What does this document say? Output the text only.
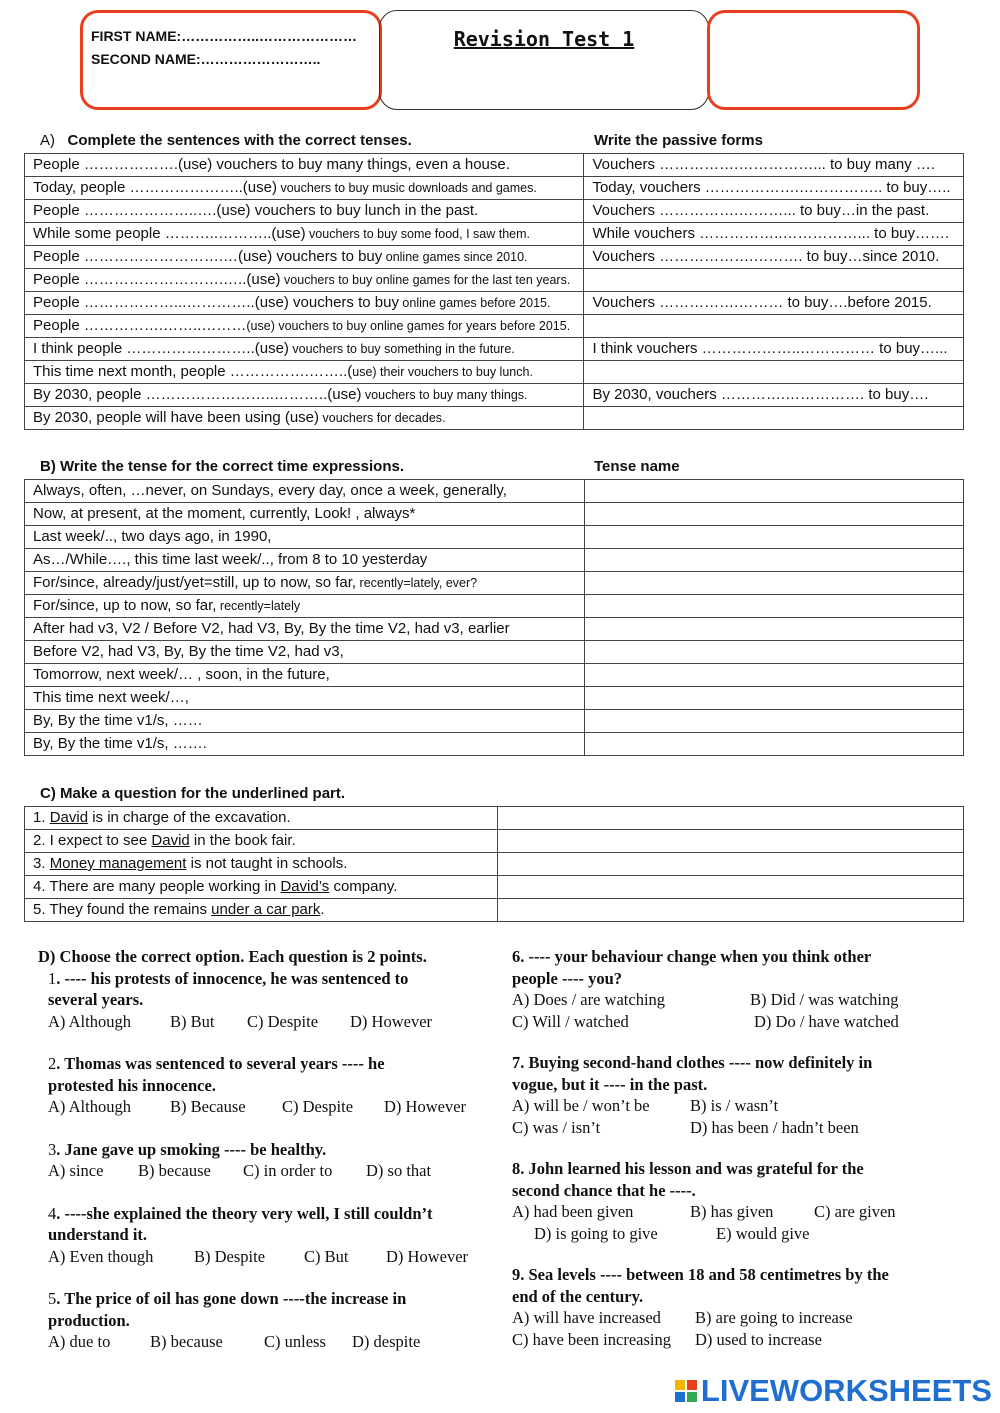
FIRST NAME:……………..…………………
SECOND NAME:……………………..
Revision Test 1
A) Complete the sentences with the correct tenses.	Write the passive forms
People ……………….(use) vouchers to buy many things, even a house.	Vouchers …………….……………... to buy many ….
Today, people …………………..(use) vouchers to buy music downloads and games.	Today, vouchers ……………….…………….. to buy…..
People …………………..….(use) vouchers to buy lunch in the past.	Vouchers …………….………... to buy…in the past.
While some people ………..………..(use) vouchers to buy some food, I saw them.	While vouchers ……………..……………... to buy…….
People ……………………….…(use) vouchers to buy online games since 2010.	Vouchers ……………….………. to buy…since 2010.
People ……………………….…..(use) vouchers to buy online games for the last ten years.	
People ………………...…………..(use) vouchers to buy online games before 2015.	Vouchers …………….……… to buy….before 2015.
People …………….……..………(use) vouchers to buy online games for years before 2015.	
I think people ……………………..(use) vouchers to buy something in the future.	I think vouchers ………………..…………… to buy…...
This time next month, people …………….……..(use) their vouchers to buy lunch.	
By 2030, people ……………………..………..(use) vouchers to buy many things.	By 2030, vouchers ………….……………. to buy….
By 2030, people will have been using (use) vouchers for decades.	
B) Write the tense for the correct time expressions.	Tense name
Always, often, …never, on Sundays, every day, once a week, generally,	
Now, at present, at the moment, currently, Look! , always*	
Last week/.., two days ago, in 1990,	
As…/While…., this time last week/.., from 8 to 10 yesterday	
For/since, already/just/yet=still, up to now, so far, recently=lately, ever?	
For/since, up to now, so far, recently=lately	
After had v3, V2 / Before V2, had V3, By, By the time V2, had v3, earlier	
Before V2, had V3, By, By the time V2, had v3,	
Tomorrow, next week/… , soon, in the future,	
This time next week/…,	
By, By the time v1/s, ……	
By, By the time v1/s, …….	
C) Make a question for the underlined part.
1. David is in charge of the excavation.	
2. I expect to see David in the book fair.	
3. Money management is not taught in schools.	
4. There are many people working in David’s company.	
5. They found the remains under a car park.	
D) Choose the correct option. Each question is 2 points.
1. ---- his protests of innocence, he was sentenced to
several years.
A) Although	B) But	C) Despite	D) However
2. Thomas was sentenced to several years ---- he
protested his innocence.
A) Although	B) Because	C) Despite	D) However
3. Jane gave up smoking ---- be healthy.
A) since	B) because	C) in order to	D) so that
4. ----she explained the theory very well, I still couldn’t
understand it.
A) Even though	B) Despite	C) But	D) However
5. The price of oil has gone down ----the increase in
production.
A) due to	B) because	C) unless	D) despite
6. ---- your behaviour change when you think other
people ---- you?
A) Does / are watching	B) Did / was watching
C) Will / watched	D) Do / have watched
7. Buying second-hand clothes ---- now definitely in
vogue, but it ---- in the past.
A) will be / won’t be	B) is / wasn’t
C) was / isn’t	D) has been / hadn’t been
8. John learned his lesson and was grateful for the
second chance that he ----.
A) had been given	B) has given	C) are given
D) is going to give	E) would give
9. Sea levels ---- between 18 and 58 centimetres by the
end of the century.
A) will have increased	B) are going to increase
C) have been increasing	D) used to increase
LIVEWORKSHEETS
